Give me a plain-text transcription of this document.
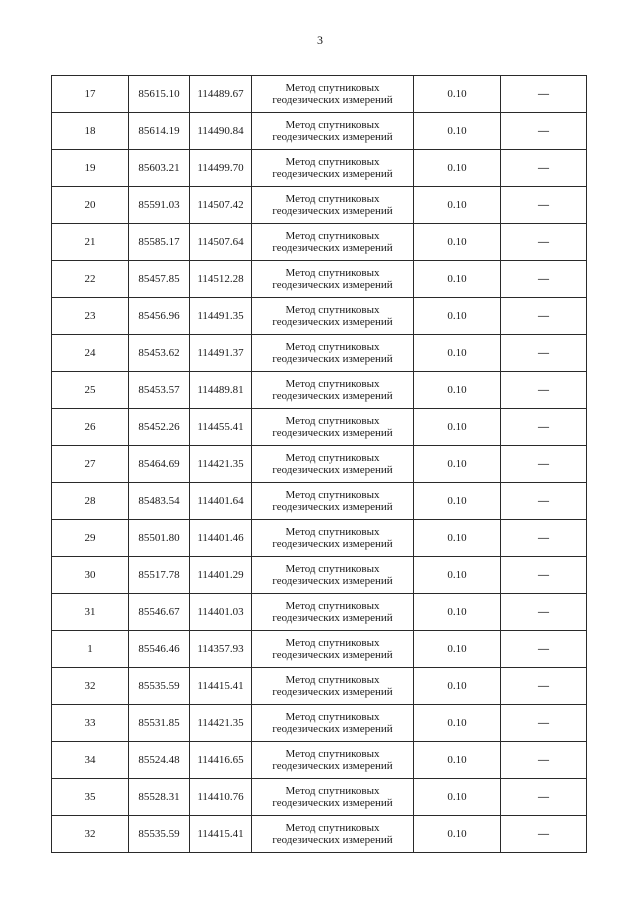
3
17	85615.10	114489.67	Метод спутниковых
геодезических измерений	0.10	—
18	85614.19	114490.84	Метод спутниковых
геодезических измерений	0.10	—
19	85603.21	114499.70	Метод спутниковых
геодезических измерений	0.10	—
20	85591.03	114507.42	Метод спутниковых
геодезических измерений	0.10	—
21	85585.17	114507.64	Метод спутниковых
геодезических измерений	0.10	—
22	85457.85	114512.28	Метод спутниковых
геодезических измерений	0.10	—
23	85456.96	114491.35	Метод спутниковых
геодезических измерений	0.10	—
24	85453.62	114491.37	Метод спутниковых
геодезических измерений	0.10	—
25	85453.57	114489.81	Метод спутниковых
геодезических измерений	0.10	—
26	85452.26	114455.41	Метод спутниковых
геодезических измерений	0.10	—
27	85464.69	114421.35	Метод спутниковых
геодезических измерений	0.10	—
28	85483.54	114401.64	Метод спутниковых
геодезических измерений	0.10	—
29	85501.80	114401.46	Метод спутниковых
геодезических измерений	0.10	—
30	85517.78	114401.29	Метод спутниковых
геодезических измерений	0.10	—
31	85546.67	114401.03	Метод спутниковых
геодезических измерений	0.10	—
1	85546.46	114357.93	Метод спутниковых
геодезических измерений	0.10	—
32	85535.59	114415.41	Метод спутниковых
геодезических измерений	0.10	—
33	85531.85	114421.35	Метод спутниковых
геодезических измерений	0.10	—
34	85524.48	114416.65	Метод спутниковых
геодезических измерений	0.10	—
35	85528.31	114410.76	Метод спутниковых
геодезических измерений	0.10	—
32	85535.59	114415.41	Метод спутниковых
геодезических измерений	0.10	—
